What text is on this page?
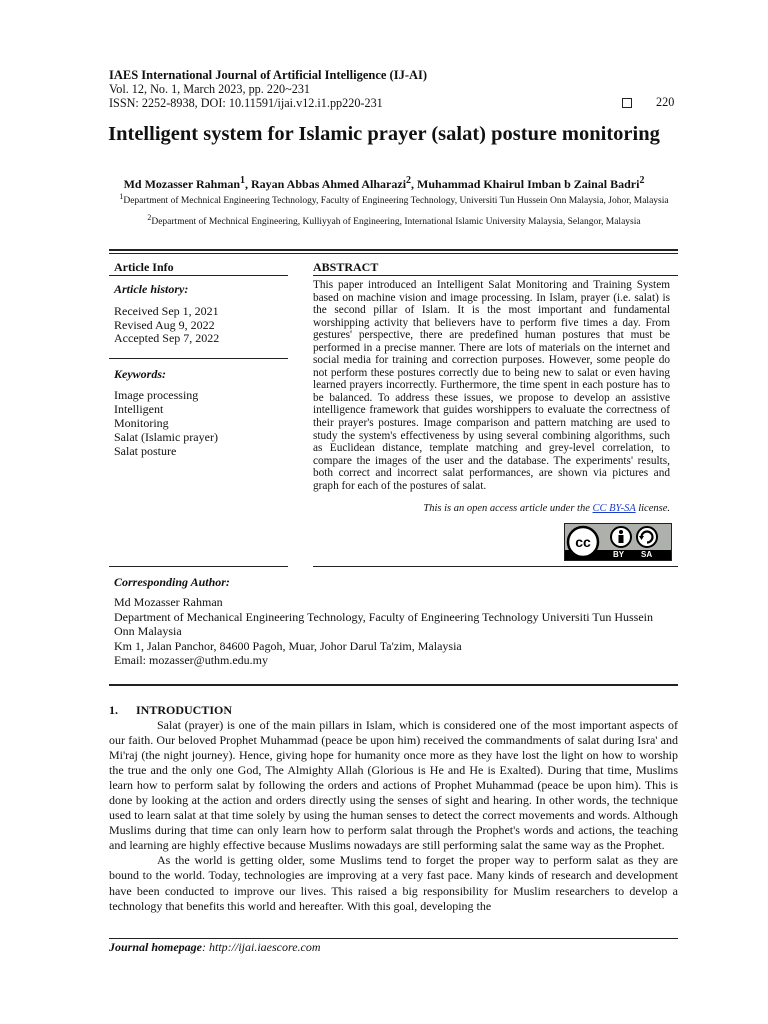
IAES International Journal of Artificial Intelligence (IJ-AI)
Vol. 12, No. 1, March 2023, pp. 220~231
ISSN: 2252-8938, DOI: 10.11591/ijai.v12.i1.pp220-231	220
Intelligent system for Islamic prayer (salat) posture monitoring
Md Mozasser Rahman$^1$, Rayan Abbas Ahmed Alharazi$^2$, Muhammad Khairul Imban b Zainal Badri$^2$
$^1$Department of Mechnical Engineering Technology, Faculty of Engineering Technology, Universiti Tun Hussein Onn Malaysia, Johor, Malaysia
$^2$Department of Mechnical Engineering, Kulliyyah of Engineering, International Islamic University Malaysia, Selangor, Malaysia
Article Info
Article history:
Received Sep 1, 2021
Revised Aug 9, 2022
Accepted Sep 7, 2022
Keywords:
Image processing
Intelligent
Monitoring
Salat (Islamic prayer)
Salat posture
ABSTRACT
This paper introduced an Intelligent Salat Monitoring and Training System based on machine vision and image processing. In Islam, prayer (i.e. salat) is the second pillar of Islam. It is the most important and fundamental worshipping activity that believers have to perform five times a day. From gestures' perspective, there are predefined human postures that must be performed in a precise manner. There are lots of materials on the internet and social media for training and correction purposes. However, some people do not perform these postures correctly due to being new to salat or even having learned prayers incorrectly. Furthermore, the time spent in each posture has to be balanced. To address these issues, we propose to develop an assistive intelligence framework that guides worshippers to evaluate the correctness of their prayer's postures. Image comparison and pattern matching are used to study the system's effectiveness by using several combining algorithms, such as Euclidean distance, template matching and grey-level correlation, to compare the images of the user and the database. The experiments' results, both correct and incorrect salat performances, are shown via pictures and graph for each of the postures of salat.
This is an open access article under the CC BY-SA license.
cc
BY SA
Corresponding Author:
Md Mozasser Rahman
Department of Mechanical Engineering Technology, Faculty of Engineering Technology Universiti Tun Hussein Onn Malaysia
Km 1, Jalan Panchor, 84600 Pagoh, Muar, Johor Darul Ta'zim, Malaysia
Email: mozasser@uthm.edu.my
1. INTRODUCTION

Salat (prayer) is one of the main pillars in Islam, which is considered one of the most important aspects of our faith. Our beloved Prophet Muhammad (peace be upon him) received the commandments of salat during Isra' and Mi'raj (the night journey). Hence, giving hope for humanity once more as they have lost the light on how to worship the true and the only one God, The Almighty Allah (Glorious is He and He is Exalted). During that time, Muslims learn how to perform salat by following the orders and actions of Prophet Muhammad (peace be upon him). This is done by looking at the action and orders directly using the senses of sight and hearing. In other words, the technique used to learn salat at that time solely by using the human senses to detect the correct movements and words. Although Muslims during that time can only learn how to perform salat through the Prophet's words and actions, the teaching and learning are highly effective because Muslims nowadays are still performing salat the same way as the Prophet.

As the world is getting older, some Muslims tend to forget the proper way to perform salat as they are bound to the world. Today, technologies are improving at a very fast pace. Many kinds of research and development have been conducted to improve our lives. This raised a big responsibility for Muslim researchers to develop a technology that benefits this world and hereafter. With this goal, developing the

Journal homepage: http://ijai.iaescore.com
